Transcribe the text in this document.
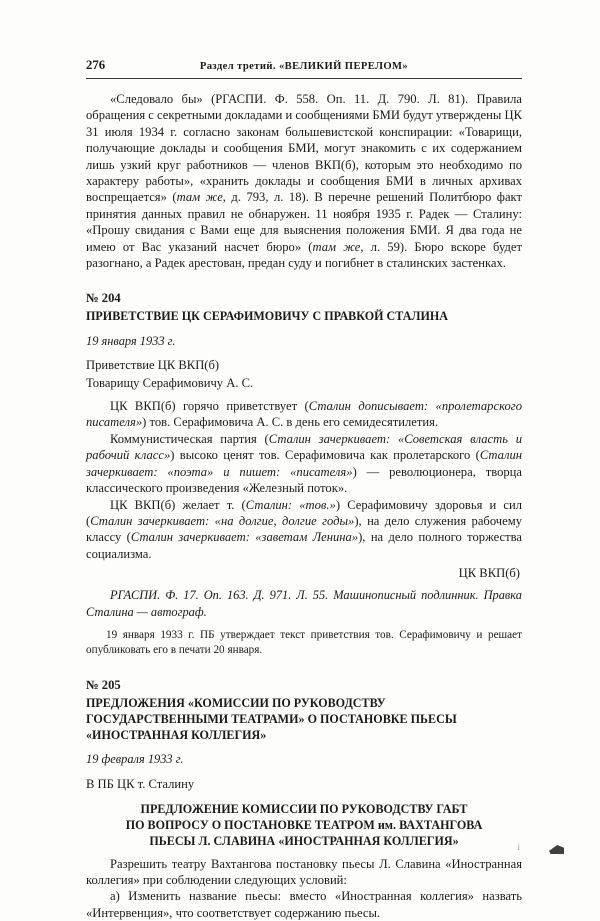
276	Раздел третий. «ВЕЛИКИЙ ПЕРЕЛОМ»

«Следовало бы» (РГАСПИ. Ф. 558. Оп. 11. Д. 790. Л. 81). Правила обращения с секретными докладами и сообщениями БМИ будут утверждены ЦК 31 июля 1934 г. согласно законам большевистской конспирации: «Товарищи, получающие доклады и сообщения БМИ, могут знакомить с их содержанием лишь узкий круг работников — членов ВКП(б), которым это необходимо по характеру работы», «хранить доклады и сообщения БМИ в личных архивах воспрещается» (там же, д. 793, л. 18). В перечне решений Политбюро факт принятия данных правил не обнаружен. 11 ноября 1935 г. Радек — Сталину: «Прошу свидания с Вами еще для выяснения положения БМИ. Я два года не имею от Вас указаний насчет бюро» (там же, л. 59). Бюро вскоре будет разогнано, а Радек арестован, предан суду и погибнет в сталинских застенках.

№ 204
ПРИВЕТСТВИЕ ЦК СЕРАФИМОВИЧУ С ПРАВКОЙ СТАЛИНА
19 января 1933 г.
Приветствие ЦК ВКП(б)
Товарищу Серафимовичу А. С.

ЦК ВКП(б) горячо приветствует (Сталин дописывает: «пролетарского писателя») тов. Серафимовича А. С. в день его семидесятилетия.

Коммунистическая партия (Сталин зачеркивает: «Советская власть и рабочий класс») высоко ценят тов. Серафимовича как пролетарского (Сталин зачеркивает: «поэта» и пишет: «писателя») — революционера, творца классического произведения «Железный поток».

ЦК ВКП(б) желает т. (Сталин: «тов.») Серафимовичу здоровья и сил (Сталин зачеркивает: «на долгие, долгие годы»), на дело служения рабочему классу (Сталин зачеркивает: «заветам Ленина»), на дело полного торжества социализма.

ЦК ВКП(б)

РГАСПИ. Ф. 17. Оп. 163. Д. 971. Л. 55. Машинописный подлинник. Правка Сталина — автограф.

19 января 1933 г. ПБ утверждает текст приветствия тов. Серафимовичу и решает опубликовать его в печати 20 января.

№ 205
ПРЕДЛОЖЕНИЯ «КОМИССИИ ПО РУКОВОДСТВУ ГОСУДАРСТВЕННЫМИ ТЕАТРАМИ» О ПОСТАНОВКЕ ПЬЕСЫ «ИНОСТРАННАЯ КОЛЛЕГИЯ»
19 февраля 1933 г.
В ПБ ЦК т. Сталину
ПРЕДЛОЖЕНИЕ КОМИССИИ ПО РУКОВОДСТВУ ГАБТ
ПО ВОПРОСУ О ПОСТАНОВКЕ ТЕАТРОМ им. ВАХТАНГОВА
ПЬЕСЫ Л. СЛАВИНА «ИНОСТРАННАЯ КОЛЛЕГИЯ»

Разрешить театру Вахтангова постановку пьесы Л. Славина «Иностранная коллегия» при соблюдении следующих условий:

а) Изменить название пьесы: вместо «Иностранная коллегия» назвать «Интервенция», что соответствует содержанию пьесы.

i
